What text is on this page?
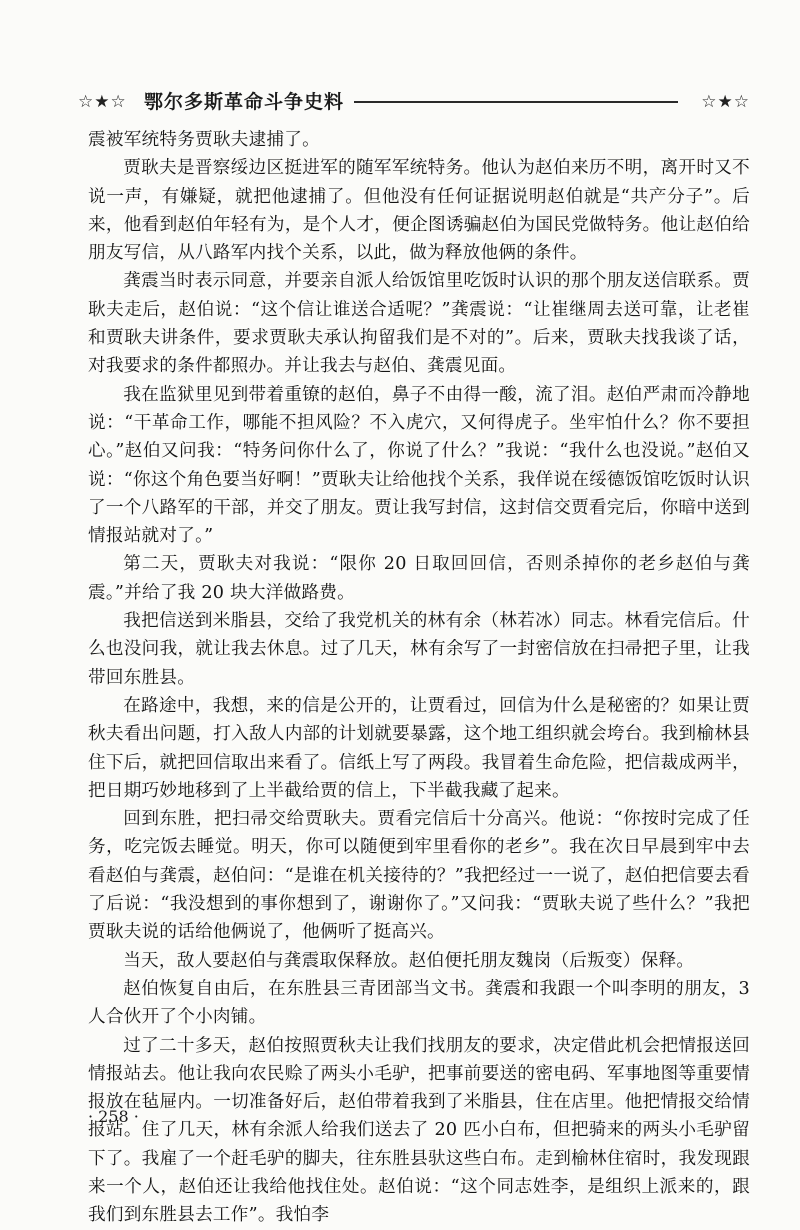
☆★☆ 鄂尔多斯革命斗争史料	☆★☆

震被军统特务贾耿夫逮捕了。

贾耿夫是晋察绥边区挺进军的随军军统特务。他认为赵伯来历不明，离开时又不说一声，有嫌疑，就把他逮捕了。但他没有任何证据说明赵伯就是“共产分子”。后来，他看到赵伯年轻有为，是个人才，便企图诱骗赵伯为国民党做特务。他让赵伯给朋友写信，从八路军内找个关系，以此，做为释放他俩的条件。

龚震当时表示同意，并要亲自派人给饭馆里吃饭时认识的那个朋友送信联系。贾耿夫走后，赵伯说：“这个信让谁送合适呢？”龚震说：“让崔继周去送可靠，让老崔和贾耿夫讲条件，要求贾耿夫承认拘留我们是不对的”。后来，贾耿夫找我谈了话，对我要求的条件都照办。并让我去与赵伯、龚震见面。

我在监狱里见到带着重镣的赵伯，鼻子不由得一酸，流了泪。赵伯严肃而冷静地说：“干革命工作，哪能不担风险？不入虎穴，又何得虎子。坐牢怕什么？你不要担心。”赵伯又问我：“特务问你什么了，你说了什么？”我说：“我什么也没说。”赵伯又说：“你这个角色要当好啊！”贾耿夫让给他找个关系，我佯说在绥德饭馆吃饭时认识了一个八路军的干部，并交了朋友。贾让我写封信，这封信交贾看完后，你暗中送到情报站就对了。”

第二天，贾耿夫对我说：“限你 20 日取回回信，否则杀掉你的老乡赵伯与龚震。”并给了我 20 块大洋做路费。

我把信送到米脂县，交给了我党机关的林有余（林若冰）同志。林看完信后。什么也没问我，就让我去休息。过了几天，林有余写了一封密信放在扫帚把子里，让我带回东胜县。

在路途中，我想，来的信是公开的，让贾看过，回信为什么是秘密的？如果让贾秋夫看出问题，打入敌人内部的计划就要暴露，这个地工组织就会垮台。我到榆林县住下后，就把回信取出来看了。信纸上写了两段。我冒着生命危险，把信裁成两半，把日期巧妙地移到了上半截给贾的信上，下半截我藏了起来。

回到东胜，把扫帚交给贾耿夫。贾看完信后十分高兴。他说：“你按时完成了任务，吃完饭去睡觉。明天，你可以随便到牢里看你的老乡”。我在次日早晨到牢中去看赵伯与龚震，赵伯问：“是谁在机关接待的？”我把经过一一说了，赵伯把信要去看了后说：“我没想到的事你想到了，谢谢你了。”又问我：“贾耿夫说了些什么？”我把贾耿夫说的话给他俩说了，他俩听了挺高兴。

当天，敌人要赵伯与龚震取保释放。赵伯便托朋友魏岗（后叛变）保释。

赵伯恢复自由后，在东胜县三青团部当文书。龚震和我跟一个叫李明的朋友，3 人合伙开了个小肉铺。

过了二十多天，赵伯按照贾秋夫让我们找朋友的要求，决定借此机会把情报送回情报站去。他让我向农民赊了两头小毛驴，把事前要送的密电码、军事地图等重要情报放在毡屉内。一切准备好后，赵伯带着我到了米脂县，住在店里。他把情报交给情报站。住了几天，林有余派人给我们送去了 20 匹小白布，但把骑来的两头小毛驴留下了。我雇了一个赶毛驴的脚夫，往东胜县驮这些白布。走到榆林住宿时，我发现跟来一个人，赵伯还让我给他找住处。赵伯说：“这个同志姓李，是组织上派来的，跟我们到东胜县去工作”。我怕李

· 258 ·
